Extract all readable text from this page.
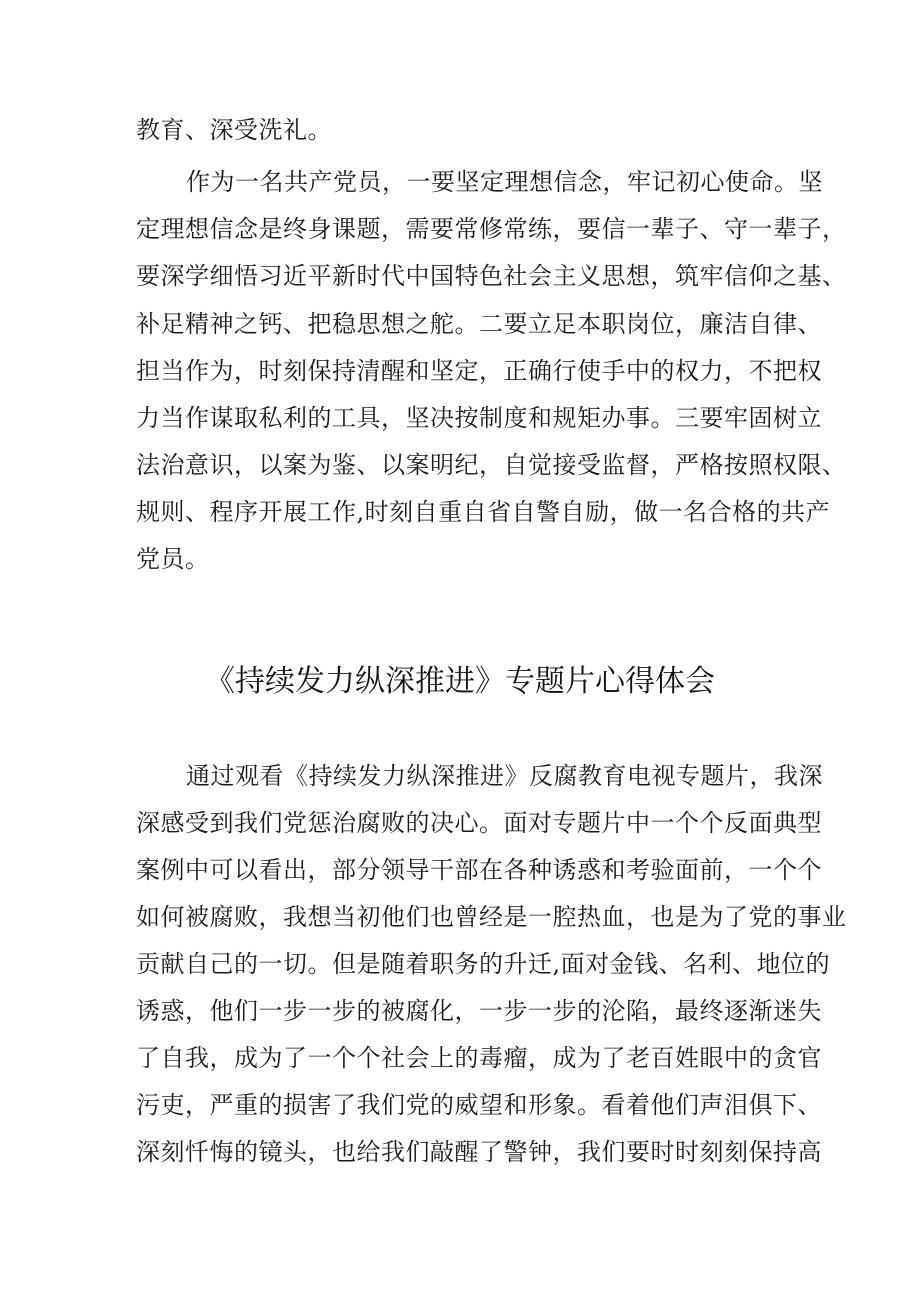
教育、深受洗礼。
作为一名共产党员，一要坚定理想信念，牢记初心使命。坚
定理想信念是终身课题，需要常修常练，要信一辈子、守一辈子，
要深学细悟习近平新时代中国特色社会主义思想，筑牢信仰之基、
补足精神之钙、把稳思想之舵。二要立足本职岗位，廉洁自律、
担当作为，时刻保持清醒和坚定，正确行使手中的权力，不把权
力当作谋取私利的工具，坚决按制度和规矩办事。三要牢固树立
法治意识，以案为鉴、以案明纪，自觉接受监督，严格按照权限、
规则、程序开展工作,时刻自重自省自警自励，做一名合格的共产
党员。
《持续发力纵深推进》专题片心得体会
通过观看《持续发力纵深推进》反腐教育电视专题片，我深
深感受到我们党惩治腐败的决心。面对专题片中一个个反面典型
案例中可以看出，部分领导干部在各种诱惑和考验面前，一个个
如何被腐败，我想当初他们也曾经是一腔热血，也是为了党的事业
贡献自己的一切。但是随着职务的升迁,面对金钱、名利、地位的
诱惑，他们一步一步的被腐化，一步一步的沦陷，最终逐渐迷失
了自我，成为了一个个社会上的毒瘤，成为了老百姓眼中的贪官
污吏，严重的损害了我们党的威望和形象。看着他们声泪俱下、
深刻忏悔的镜头，也给我们敲醒了警钟，我们要时时刻刻保持高
